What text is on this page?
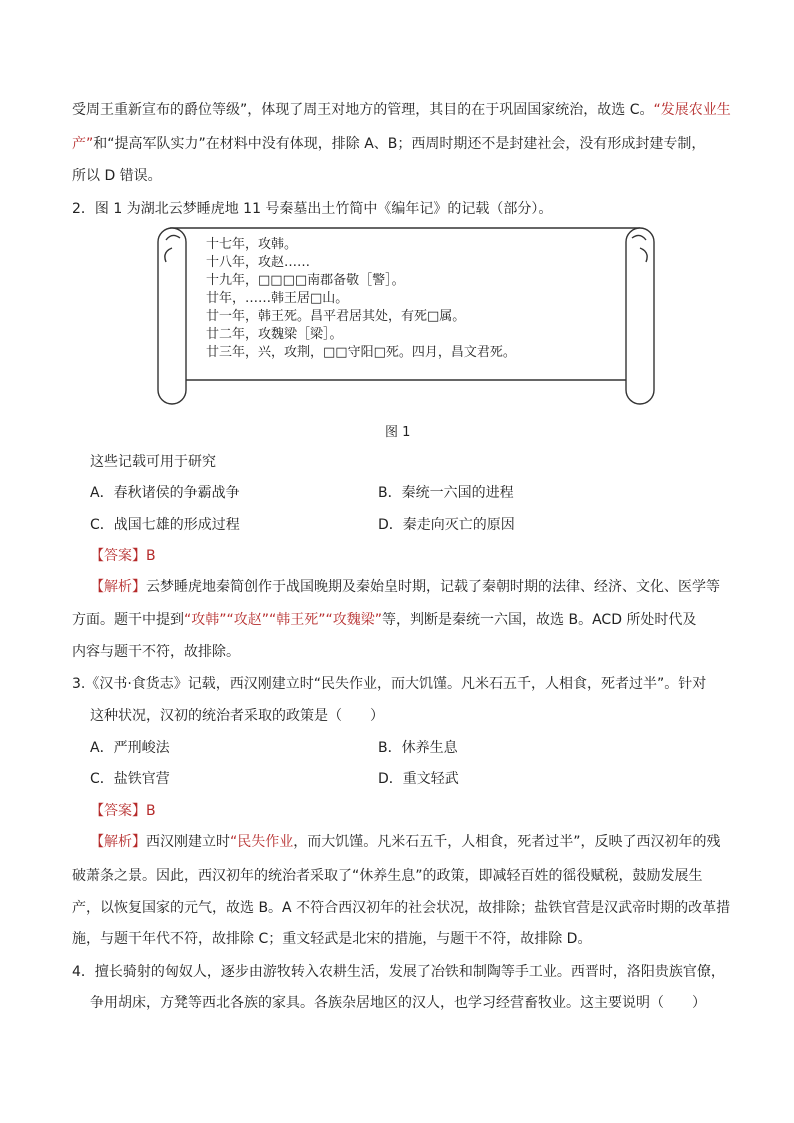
受周王重新宣布的爵位等级”，体现了周王对地方的管理，其目的在于巩固国家统治，故选 C。“发展农业生
产”和“提高军队实力”在材料中没有体现，排除 A、B；西周时期还不是封建社会，没有形成封建专制，
所以 D 错误。
2．图 1 为湖北云梦睡虎地 11 号秦墓出土竹简中《编年记》的记载（部分）。
十七年，攻韩。
十八年，攻赵……
十九年，□□□□南郡备敬［警］。
廿年，……韩王居□山。
廿一年，韩王死。昌平君居其处，有死□属。
廿二年，攻魏梁［梁］。
廿三年，兴，攻荆，□□守阳□死。四月，昌文君死。
图 1
这些记载可用于研究
A．春秋诸侯的争霸战争	B．秦统一六国的进程
C．战国七雄的形成过程	D．秦走向灭亡的原因
【答案】B
【解析】云梦睡虎地秦简创作于战国晚期及秦始皇时期，记载了秦朝时期的法律、经济、文化、医学等
方面。题干中提到“攻韩”“攻赵”“韩王死”“攻魏梁”等，判断是秦统一六国，故选 B。ACD 所处时代及
内容与题干不符，故排除。
3.《汉书·食货志》记载，西汉刚建立时“民失作业，而大饥馑。凡米石五千，人相食，死者过半”。针对
这种状况，汉初的统治者采取的政策是（　　）
A．严刑峻法	B．休养生息
C．盐铁官营	D．重文轻武
【答案】B
【解析】西汉刚建立时“民失作业，而大饥馑。凡米石五千，人相食，死者过半”，反映了西汉初年的残
破萧条之景。因此，西汉初年的统治者采取了“休养生息”的政策，即减轻百姓的徭役赋税，鼓励发展生
产，以恢复国家的元气，故选 B。A 不符合西汉初年的社会状况，故排除；盐铁官营是汉武帝时期的改革措
施，与题干年代不符，故排除 C；重文轻武是北宋的措施，与题干不符，故排除 D。
4．擅长骑射的匈奴人，逐步由游牧转入农耕生活，发展了冶铁和制陶等手工业。西晋时，洛阳贵族官僚，
争用胡床，方凳等西北各族的家具。各族杂居地区的汉人，也学习经营畜牧业。这主要说明（　　）
